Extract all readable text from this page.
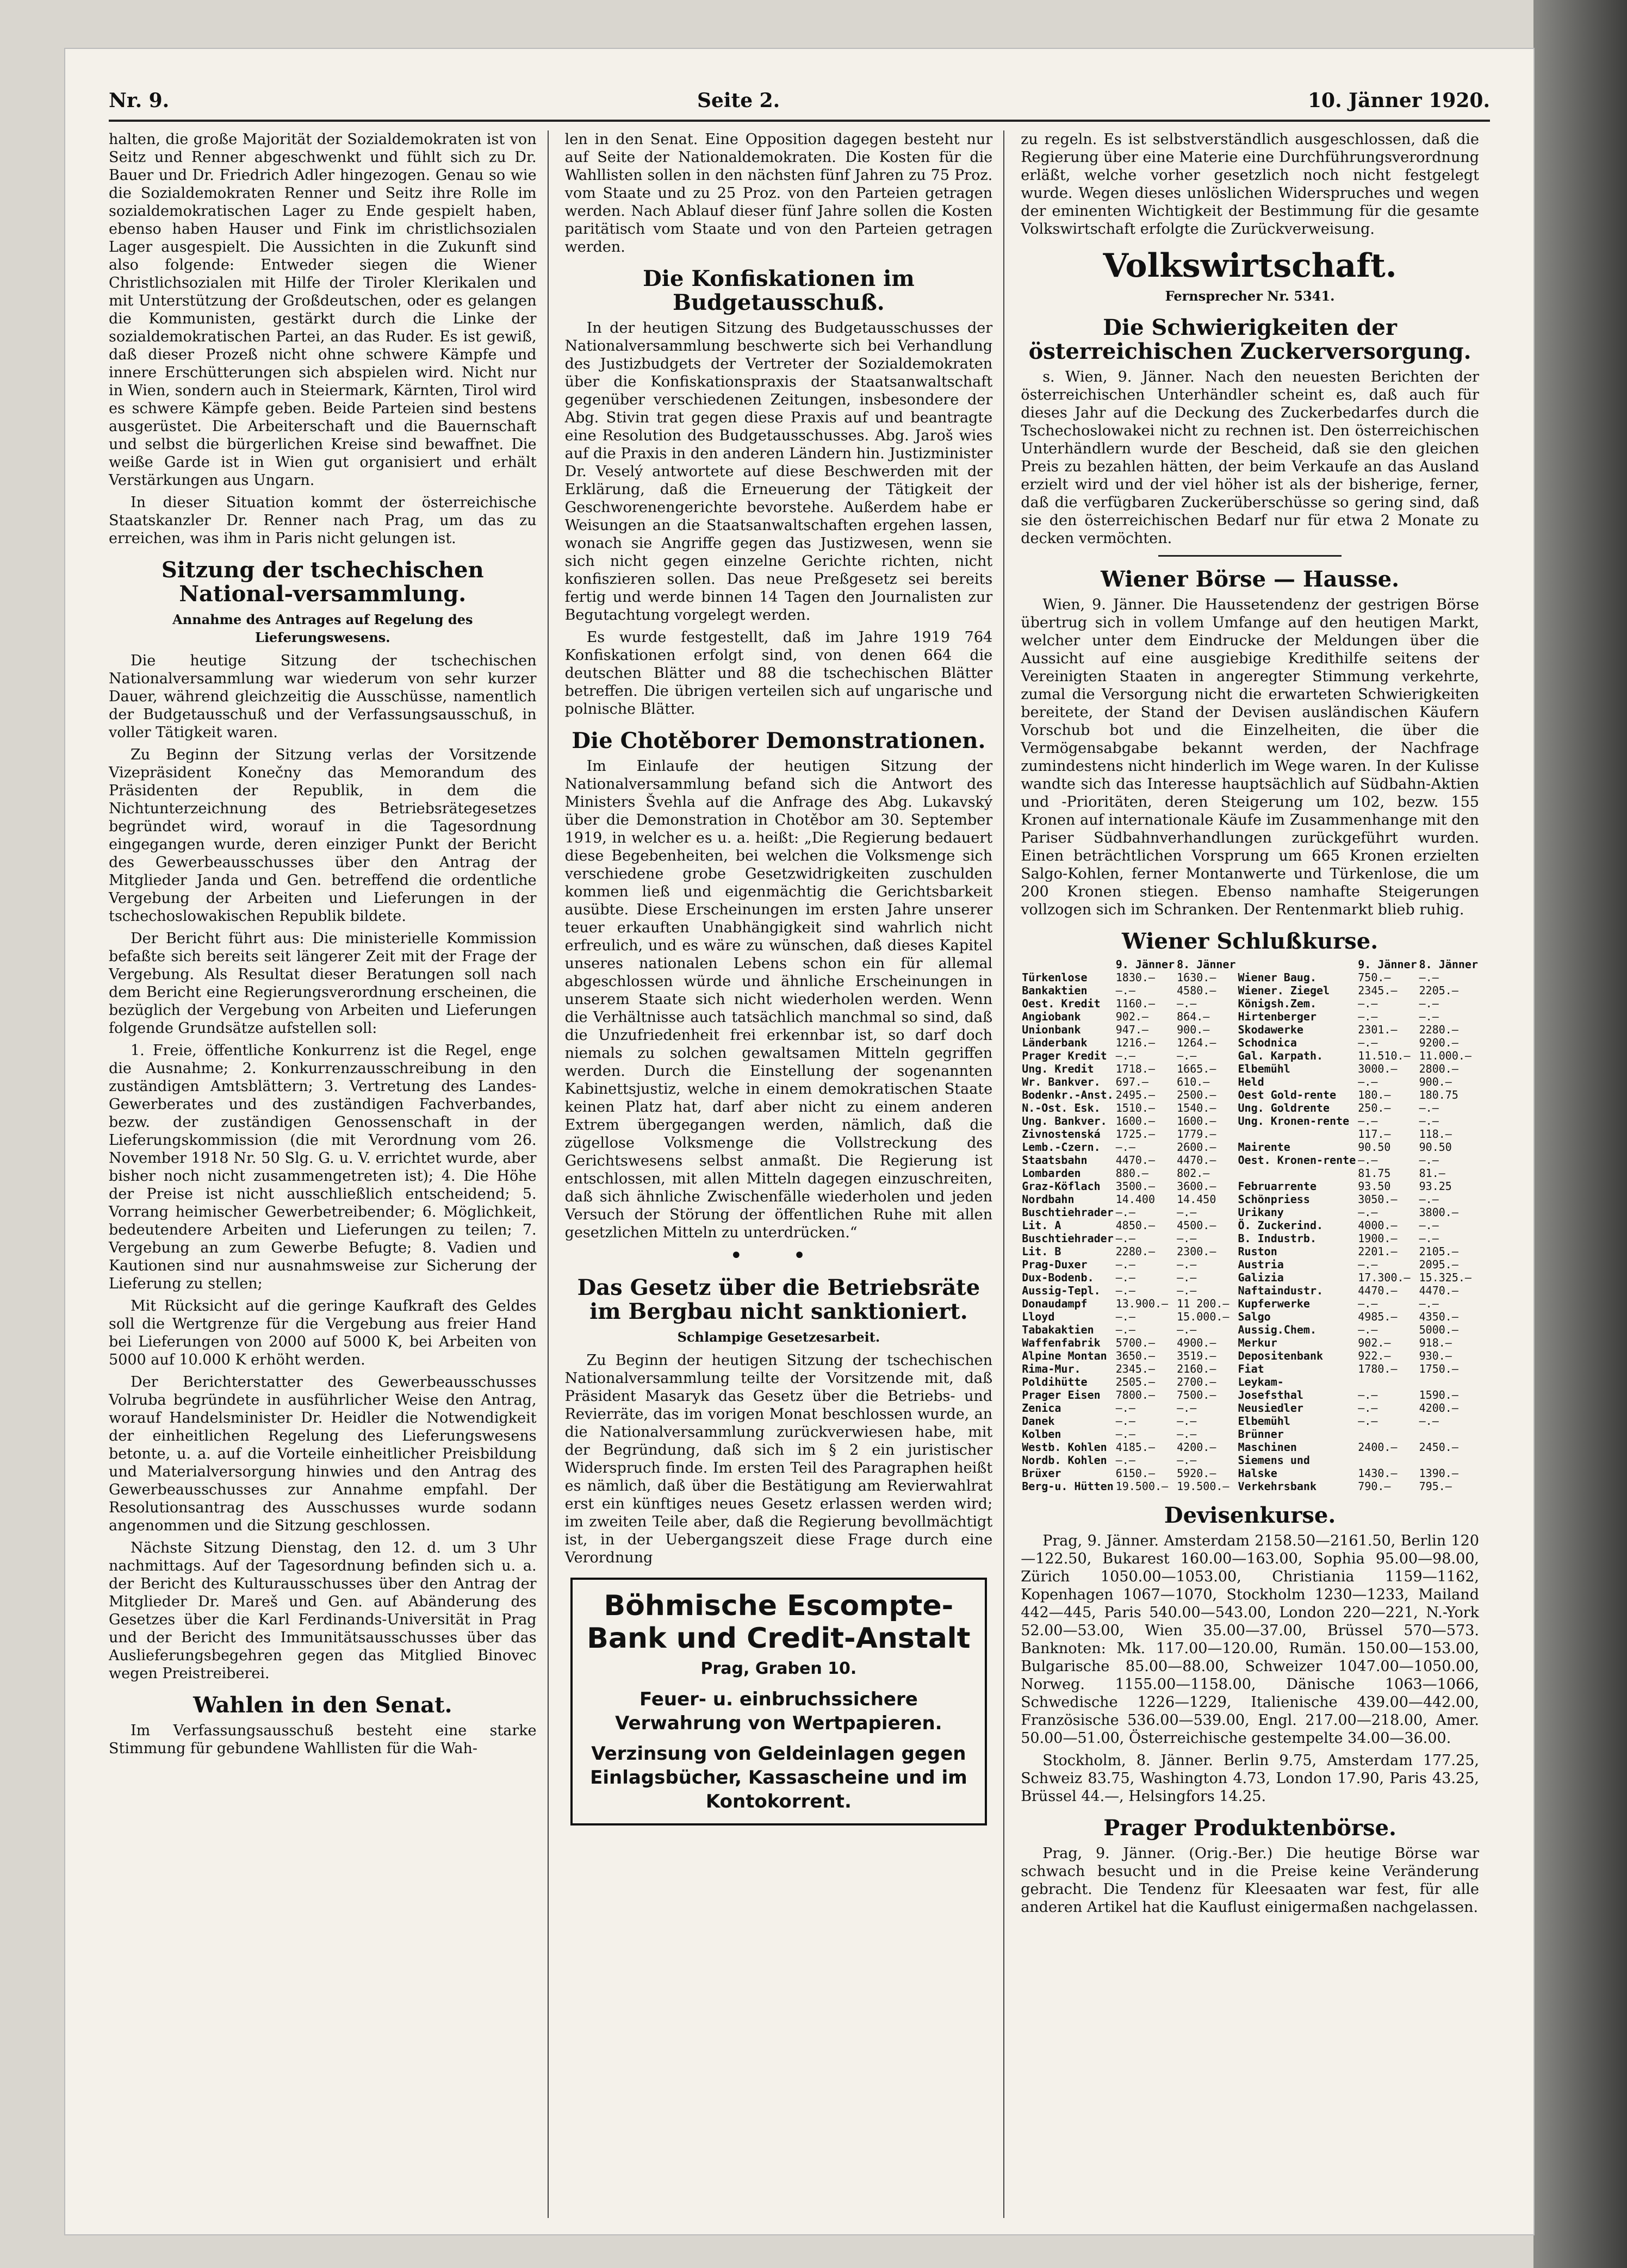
Nr. 9.	Seite 2.	10. Jänner 1920.

halten, die große Majorität der Sozialdemokraten ist von Seitz und Renner abgeschwenkt und fühlt sich zu Dr. Bauer und Dr. Friedrich Adler hingezogen. Genau so wie die Sozialdemokraten Renner und Seitz ihre Rolle im sozialdemokratischen Lager zu Ende gespielt haben, ebenso haben Hauser und Fink im christlichsozialen Lager ausgespielt. Die Aussichten in die Zukunft sind also folgende: Entweder siegen die Wiener Christlichsozialen mit Hilfe der Tiroler Klerikalen und mit Unterstützung der Großdeutschen, oder es gelangen die Kommunisten, gestärkt durch die Linke der sozialdemokratischen Partei, an das Ruder. Es ist gewiß, daß dieser Prozeß nicht ohne schwere Kämpfe und innere Erschütterungen sich abspielen wird. Nicht nur in Wien, sondern auch in Steiermark, Kärnten, Tirol wird es schwere Kämpfe geben. Beide Parteien sind bestens ausgerüstet. Die Arbeiterschaft und die Bauernschaft und selbst die bürgerlichen Kreise sind bewaffnet. Die weiße Garde ist in Wien gut organisiert und erhält Verstärkungen aus Ungarn.

In dieser Situation kommt der österreichische Staatskanzler Dr. Renner nach Prag, um das zu erreichen, was ihm in Paris nicht gelungen ist.

Sitzung der tschechischen National-versammlung.
Annahme des Antrages auf Regelung des Lieferungswesens.

Die heutige Sitzung der tschechischen Nationalversammlung war wiederum von sehr kurzer Dauer, während gleichzeitig die Ausschüsse, namentlich der Budgetausschuß und der Verfassungsausschuß, in voller Tätigkeit waren.

Zu Beginn der Sitzung verlas der Vorsitzende Vizepräsident Konečny das Memorandum des Präsidenten der Republik, in dem die Nichtunterzeichnung des Betriebsrätegesetzes begründet wird, worauf in die Tagesordnung eingegangen wurde, deren einziger Punkt der Bericht des Gewerbeausschusses über den Antrag der Mitglieder Janda und Gen. betreffend die ordentliche Vergebung der Arbeiten und Lieferungen in der tschechoslowakischen Republik bildete.

Der Bericht führt aus: Die ministerielle Kommission befaßte sich bereits seit längerer Zeit mit der Frage der Vergebung. Als Resultat dieser Beratungen soll nach dem Bericht eine Regierungsverordnung erscheinen, die bezüglich der Vergebung von Arbeiten und Lieferungen folgende Grundsätze aufstellen soll:

1. Freie, öffentliche Konkurrenz ist die Regel, enge die Ausnahme; 2. Konkurrenzausschreibung in den zuständigen Amtsblättern; 3. Vertretung des Landes-Gewerberates und des zuständigen Fachverbandes, bezw. der zuständigen Genossenschaft in der Lieferungskommission (die mit Verordnung vom 26. November 1918 Nr. 50 Slg. G. u. V. errichtet wurde, aber bisher noch nicht zusammengetreten ist); 4. Die Höhe der Preise ist nicht ausschließlich entscheidend; 5. Vorrang heimischer Gewerbetreibender; 6. Möglichkeit, bedeutendere Arbeiten und Lieferungen zu teilen; 7. Vergebung an zum Gewerbe Befugte; 8. Vadien und Kautionen sind nur ausnahmsweise zur Sicherung der Lieferung zu stellen;

Mit Rücksicht auf die geringe Kaufkraft des Geldes soll die Wertgrenze für die Vergebung aus freier Hand bei Lieferungen von 2000 auf 5000 K, bei Arbeiten von 5000 auf 10.000 K erhöht werden.

Der Berichterstatter des Gewerbeausschusses Volruba begründete in ausführlicher Weise den Antrag, worauf Handelsminister Dr. Heidler die Notwendigkeit der einheitlichen Regelung des Lieferungswesens betonte, u. a. auf die Vorteile einheitlicher Preisbildung und Materialversorgung hinwies und den Antrag des Gewerbeausschusses zur Annahme empfahl. Der Resolutionsantrag des Ausschusses wurde sodann angenommen und die Sitzung geschlossen.

Nächste Sitzung Dienstag, den 12. d. um 3 Uhr nachmittags. Auf der Tagesordnung befinden sich u. a. der Bericht des Kulturausschusses über den Antrag der Mitglieder Dr. Mareš und Gen. auf Abänderung des Gesetzes über die Karl Ferdinands-Universität in Prag und der Bericht des Immunitätsausschusses über das Auslieferungsbegehren gegen das Mitglied Binovec wegen Preistreiberei.

Wahlen in den Senat.

Im Verfassungsausschuß besteht eine starke Stimmung für gebundene Wahllisten für die Wah-

len in den Senat. Eine Opposition dagegen besteht nur auf Seite der Nationaldemokraten. Die Kosten für die Wahllisten sollen in den nächsten fünf Jahren zu 75 Proz. vom Staate und zu 25 Proz. von den Parteien getragen werden. Nach Ablauf dieser fünf Jahre sollen die Kosten paritätisch vom Staate und von den Parteien getragen werden.

Die Konfiskationen im Budgetausschuß.

In der heutigen Sitzung des Budgetausschusses der Nationalversammlung beschwerte sich bei Verhandlung des Justizbudgets der Vertreter der Sozialdemokraten über die Konfiskationspraxis der Staatsanwaltschaft gegenüber verschiedenen Zeitungen, insbesondere der Abg. Stivin trat gegen diese Praxis auf und beantragte eine Resolution des Budgetausschusses. Abg. Jaroš wies auf die Praxis in den anderen Ländern hin. Justizminister Dr. Veselý antwortete auf diese Beschwerden mit der Erklärung, daß die Erneuerung der Tätigkeit der Geschworenengerichte bevorstehe. Außerdem habe er Weisungen an die Staatsanwaltschaften ergehen lassen, wonach sie Angriffe gegen das Justizwesen, wenn sie sich nicht gegen einzelne Gerichte richten, nicht konfiszieren sollen. Das neue Preßgesetz sei bereits fertig und werde binnen 14 Tagen den Journalisten zur Begutachtung vorgelegt werden.

Es wurde festgestellt, daß im Jahre 1919 764 Konfiskationen erfolgt sind, von denen 664 die deutschen Blätter und 88 die tschechischen Blätter betreffen. Die übrigen verteilen sich auf ungarische und polnische Blätter.

Die Chotěborer Demonstrationen.

Im Einlaufe der heutigen Sitzung der Nationalversammlung befand sich die Antwort des Ministers Švehla auf die Anfrage des Abg. Lukavský über die Demonstration in Chotěbor am 30. September 1919, in welcher es u. a. heißt: „Die Regierung bedauert diese Begebenheiten, bei welchen die Volksmenge sich verschiedene grobe Gesetzwidrigkeiten zuschulden kommen ließ und eigenmächtig die Gerichtsbarkeit ausübte. Diese Erscheinungen im ersten Jahre unserer teuer erkauften Unabhängigkeit sind wahrlich nicht erfreulich, und es wäre zu wünschen, daß dieses Kapitel unseres nationalen Lebens schon ein für allemal abgeschlossen würde und ähnliche Erscheinungen in unserem Staate sich nicht wiederholen werden. Wenn die Verhältnisse auch tatsächlich manchmal so sind, daß die Unzufriedenheit frei erkennbar ist, so darf doch niemals zu solchen gewaltsamen Mitteln gegriffen werden. Durch die Einstellung der sogenannten Kabinettsjustiz, welche in einem demokratischen Staate keinen Platz hat, darf aber nicht zu einem anderen Extrem übergegangen werden, nämlich, daß die zügellose Volksmenge die Vollstreckung des Gerichtswesens selbst anmaßt. Die Regierung ist entschlossen, mit allen Mitteln dagegen einzuschreiten, daß sich ähnliche Zwischenfälle wiederholen und jeden Versuch der Störung der öffentlichen Ruhe mit allen gesetzlichen Mitteln zu unterdrücken.“

• •
Das Gesetz über die Betriebsräte im Bergbau nicht sanktioniert.
Schlampige Gesetzesarbeit.

Zu Beginn der heutigen Sitzung der tschechischen Nationalversammlung teilte der Vorsitzende mit, daß Präsident Masaryk das Gesetz über die Betriebs- und Revierräte, das im vorigen Monat beschlossen wurde, an die Nationalversammlung zurückverwiesen habe, mit der Begründung, daß sich im § 2 ein juristischer Widerspruch finde. Im ersten Teil des Paragraphen heißt es nämlich, daß über die Bestätigung am Revierwahlrat erst ein künftiges neues Gesetz erlassen werden wird; im zweiten Teile aber, daß die Regierung bevollmächtigt ist, in der Uebergangszeit diese Frage durch eine Verordnung

Böhmische Escompte-Bank und Credit-Anstalt
Prag, Graben 10.
Feuer- u. einbruchssichere Verwahrung von Wertpapieren.
Verzinsung von Geldeinlagen gegen Einlagsbücher, Kassascheine und im Kontokorrent.

zu regeln. Es ist selbstverständlich ausgeschlossen, daß die Regierung über eine Materie eine Durchführungsverordnung erläßt, welche vorher gesetzlich noch nicht festgelegt wurde. Wegen dieses unlöslichen Widerspruches und wegen der eminenten Wichtigkeit der Bestimmung für die gesamte Volkswirtschaft erfolgte die Zurückverweisung.

Volkswirtschaft.
Fernsprecher Nr. 5341.
Die Schwierigkeiten der österreichischen Zuckerversorgung.

s. Wien, 9. Jänner. Nach den neuesten Berichten der österreichischen Unterhändler scheint es, daß auch für dieses Jahr auf die Deckung des Zuckerbedarfes durch die Tschechoslowakei nicht zu rechnen ist. Den österreichischen Unterhändlern wurde der Bescheid, daß sie den gleichen Preis zu bezahlen hätten, der beim Verkaufe an das Ausland erzielt wird und der viel höher ist als der bisherige, ferner, daß die verfügbaren Zuckerüberschüsse so gering sind, daß sie den österreichischen Bedarf nur für etwa 2 Monate zu decken vermöchten.

Wiener Börse — Hausse.

Wien, 9. Jänner. Die Haussetendenz der gestrigen Börse übertrug sich in vollem Umfange auf den heutigen Markt, welcher unter dem Eindrucke der Meldungen über die Aussicht auf eine ausgiebige Kredithilfe seitens der Vereinigten Staaten in angeregter Stimmung verkehrte, zumal die Versorgung nicht die erwarteten Schwierigkeiten bereitete, der Stand der Devisen ausländischen Käufern Vorschub bot und die Einzelheiten, die über die Vermögensabgabe bekannt werden, der Nachfrage zumindestens nicht hinderlich im Wege waren. In der Kulisse wandte sich das Interesse hauptsächlich auf Südbahn-Aktien und -Prioritäten, deren Steigerung um 102, bezw. 155 Kronen auf internationale Käufe im Zusammenhange mit den Pariser Südbahnverhandlungen zurückgeführt wurden. Einen beträchtlichen Vorsprung um 665 Kronen erzielten Salgo-Kohlen, ferner Montanwerte und Türkenlose, die um 200 Kronen stiegen. Ebenso namhafte Steigerungen vollzogen sich im Schranken. Der Rentenmarkt blieb ruhig.

Wiener Schlußkurse.
	9. Jänner	8. Jänner		9. Jänner	8. Jänner
Türkenlose	1830.—	1630.—	Wiener Baug.	750.—	—.—
Bankaktien	—.—	4580.—	Wiener. Ziegel	2345.—	2205.—
Oest. Kredit	1160.—	—.—	Königsh.Zem.	—.—	—.—
Angiobank	902.—	864.—	Hirtenberger	—.—	—.—
Unionbank	947.—	900.—	Skodawerke	2301.—	2280.—
Länderbank	1216.—	1264.—	Schodnica	—.—	9200.—
Prager Kredit	—.—	—.—	Gal. Karpath.	11.510.—	11.000.—
Ung. Kredit	1718.—	1665.—	Elbemühl	3000.—	2800.—
Wr. Bankver.	697.—	610.—	Held	—.—	900.—
Bodenkr.-Anst.	2495.—	2500.—	Oest Gold-rente	180.—	180.75
N.-Ost. Esk.	1510.—	1540.—	Ung. Goldrente	250.—	—.—
Ung. Bankver.	1600.—	1600.—	Ung. Kronen-rente	—.—	—.—
Zivnostenská	1725.—	1779.—		117.—	118.—
Lemb.-Czern.	—.—	2600.—	Mairente	90.50	90.50
Staatsbahn	4470.—	4470.—	Oest. Kronen-rente	—.—	—.—
Lombarden	880.—	802.—		81.75	81.—
Graz-Köflach	3500.—	3600.—	Februarrente	93.50	93.25
Nordbahn	14.400	14.450	Schönpriess	3050.—	—.—
Buschtiehrader	—.—	—.—	Urikany	—.—	3800.—
Lit. A	4850.—	4500.—	Ö. Zuckerind.	4000.—	—.—
Buschtiehrader	—.—	—.—	B. Industrb.	1900.—	—.—
Lit. B	2280.—	2300.—	Ruston	2201.—	2105.—
Prag-Duxer	—.—	—.—	Austria	—.—	2095.—
Dux-Bodenb.	—.—	—.—	Galizia	17.300.—	15.325.—
Aussig-Tepl.	—.—	—.—	Naftaindustr.	4470.—	4470.—
Donaudampf	13.900.—	11 200.—	Kupferwerke	—.—	—.—
Lloyd	—.—	15.000.—	Salgo	4985.—	4350.—
Tabakaktien	—.—	—.—	Aussig.Chem.	—.—	5000.—
Waffenfabrik	5700.—	4900.—	Merkur	902.—	918.—
Alpine Montan	3650.—	3519.—	Depositenbank	922.—	930.—
Rima-Mur.	2345.—	2160.—	Fiat	1780.—	1750.—
Poldihütte	2505.—	2700.—	Leykam-		
Prager Eisen	7800.—	7500.—	Josefsthal	—.—	1590.—
Zenica	—.—	—.—	Neusiedler	—.—	4200.—
Danek	—.—	—.—	Elbemühl	—.—	—.—
Kolben	—.—	—.—	Brünner		
Westb. Kohlen	4185.—	4200.—	Maschinen	2400.—	2450.—
Nordb. Kohlen	—.—	—.—	Siemens und		
Brüxer	6150.—	5920.—	Halske	1430.—	1390.—
Berg-u. Hütten	19.500.—	19.500.—	Verkehrsbank	790.—	795.—
Devisenkurse.

Prag, 9. Jänner. Amsterdam 2158.50—2161.50, Berlin 120—122.50, Bukarest 160.00—163.00, Sophia 95.00—98.00, Zürich 1050.00—1053.00, Christiania 1159—1162, Kopenhagen 1067—1070, Stockholm 1230—1233, Mailand 442—445, Paris 540.00—543.00, London 220—221, N.-York 52.00—53.00, Wien 35.00—37.00, Brüssel 570—573. Banknoten: Mk. 117.00—120.00, Rumän. 150.00—153.00, Bulgarische 85.00—88.00, Schweizer 1047.00—1050.00, Norweg. 1155.00—1158.00, Dänische 1063—1066, Schwedische 1226—1229, Italienische 439.00—442.00, Französische 536.00—539.00, Engl. 217.00—218.00, Amer. 50.00—51.00, Österreichische gestempelte 34.00—36.00.

Stockholm, 8. Jänner. Berlin 9.75, Amsterdam 177.25, Schweiz 83.75, Washington 4.73, London 17.90, Paris 43.25, Brüssel 44.—, Helsingfors 14.25.

Prager Produktenbörse.

Prag, 9. Jänner. (Orig.-Ber.) Die heutige Börse war schwach besucht und in die Preise keine Veränderung gebracht. Die Tendenz für Kleesaaten war fest, für alle anderen Artikel hat die Kauflust einigermaßen nachgelassen.
